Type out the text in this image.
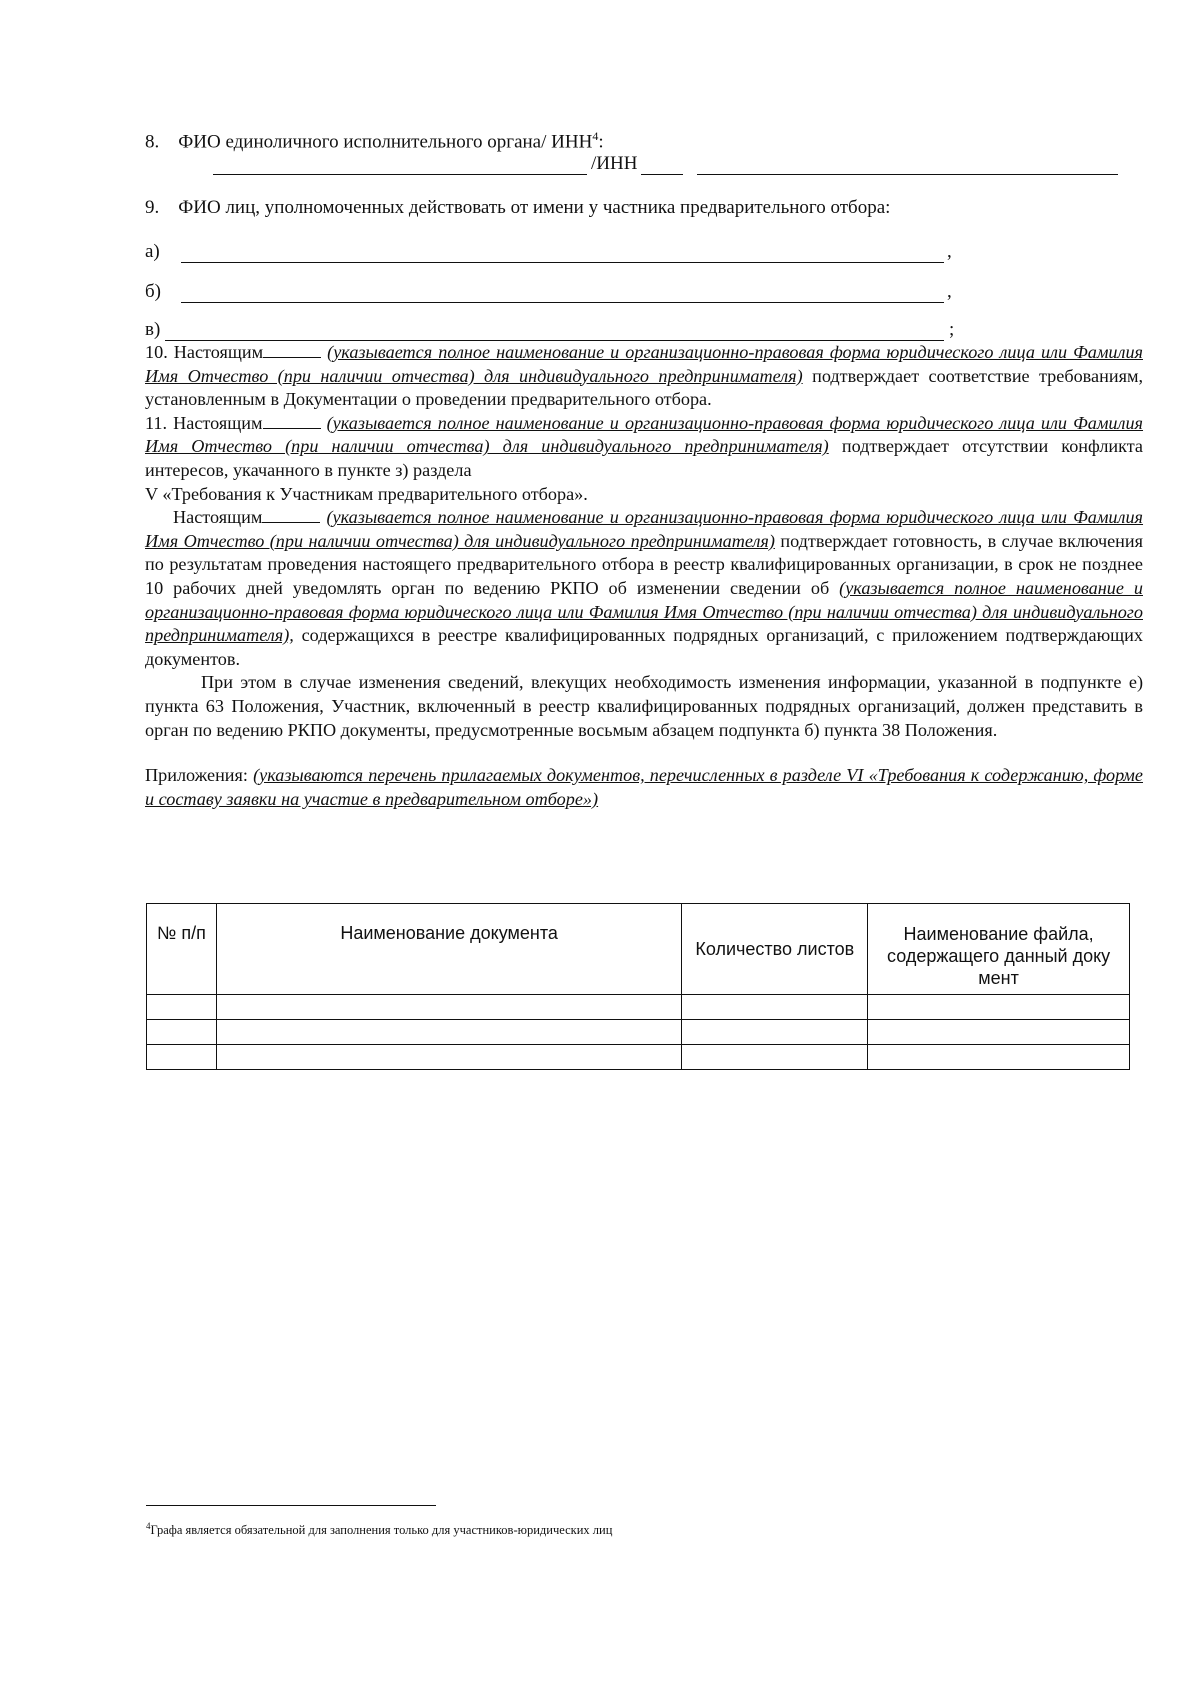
8. ФИО единоличного исполнительного органа/ ИНН$^4$:
/ИНН
9. ФИО лиц, уполномоченных действовать от имени у частника предварительного отбора:
а)	,
б)	,
в)	;

10. Настоящим	(указывается полное наименование и организационно-правовая форма юридического лица или Фамилия Имя Отчество (при наличии отчества) для индивидуального предпринимателя) подтверждает соответствие требованиям, установленным в Документации о проведении предварительного отбора.

11. Настоящим	(указывается полное наименование и организационно-правовая форма юридического лица или Фамилия Имя Отчество (при наличии отчества) для индивидуального предпринимателя) подтверждает отсутствии конфликта интересов, укачанного в пункте з) раздела

V «Требования к Участникам предварительного отбора».

Настоящим	(указывается полное наименование и организационно-правовая форма юридического лица или Фамилия Имя Отчество (при наличии отчества) для индивидуального предпринимателя) подтверждает готовность, в случае включения по результатам проведения настоящего предварительного отбора в реестр квалифицированных организации, в срок не позднее 10 рабочих дней уведомлять орган по ведению РКПО об изменении сведении об (указывается полное наименование и организационно-правовая форма юридического лица или Фамилия Имя Отчество (при наличии отчества) для индивидуального предпринимателя), содержащихся в реестре квалифицированных подрядных организаций, с приложением подтверждающих документов.

При этом в случае изменения сведений, влекущих необходимость изменения информации, указанной в подпункте е) пункта 63 Положения, Участник, включенный в реестр квалифицированных подрядных организаций, должен представить в орган по ведению РКПО документы, предусмотренные восьмым абзацем подпункта б) пункта 38 Положения.

Приложения: (указываются перечень прилагаемых документов, перечисленных в разделе VI «Требования к содержанию, форме и составу заявки на участие в предварительном отборе»)

№ п/п	Наименование документа	Количество листов	Наименование файла, содержащего данный доку мент

$^4$Графа является обязательной для заполнения только для участников-юридических лиц
